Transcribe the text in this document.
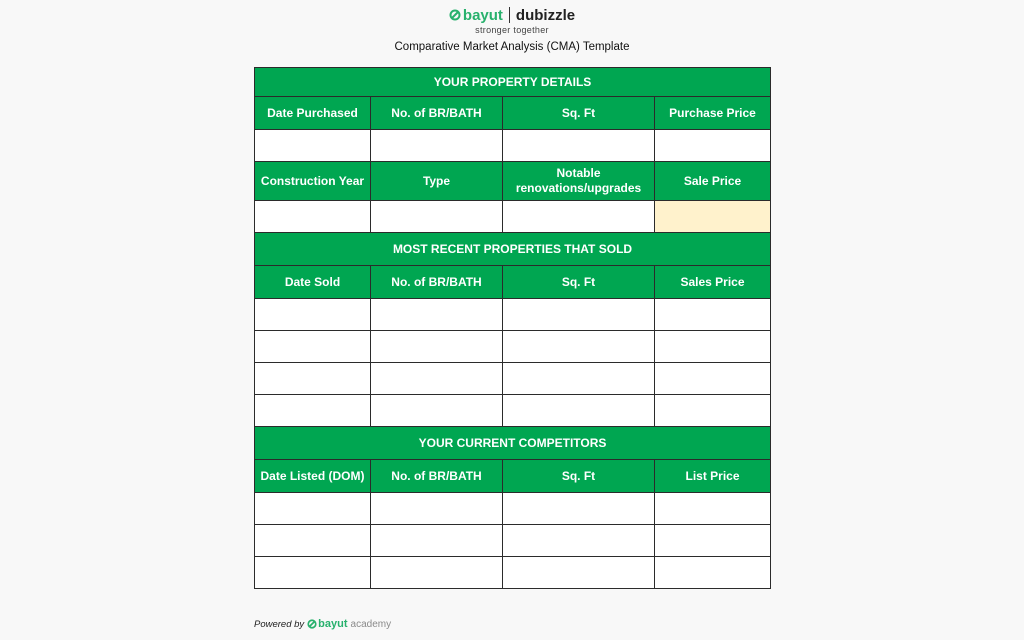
bayut dubizzle
stronger together
Comparative Market Analysis (CMA) Template
YOUR PROPERTY DETAILS			
Date Purchased	No. of BR/BATH	Sq. Ft	Purchase Price

Construction Year	Type	Notable renovations/upgrades	Sale Price

MOST RECENT PROPERTIES THAT SOLD			
Date Sold	No. of BR/BATH	Sq. Ft	Sales Price

YOUR CURRENT COMPETITORS			
Date Listed (DOM)	No. of BR/BATH	Sq. Ft	List Price

Powered by bayut academy
